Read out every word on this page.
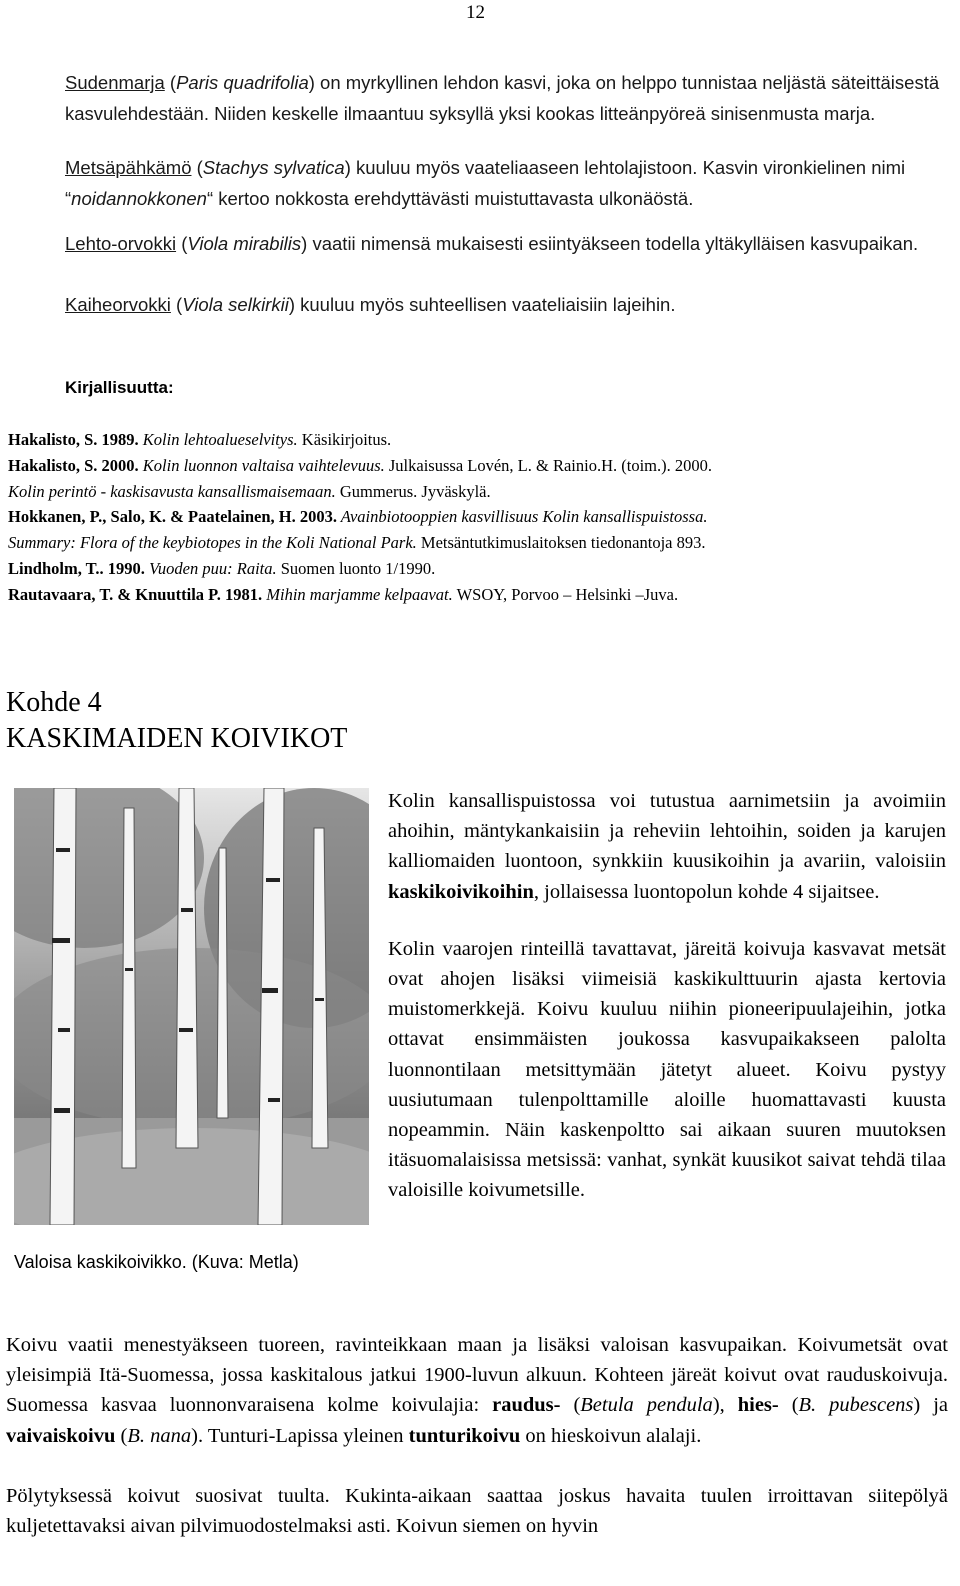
12

Sudenmarja (Paris quadrifolia) on myrkyllinen lehdon kasvi, joka on helppo tunnistaa neljästä säteittäisestä kasvulehdestään. Niiden keskelle ilmaantuu syksyllä yksi kookas litteänpyöreä sinisenmusta marja.

Metsäpähkämö (Stachys sylvatica) kuuluu myös vaateliaaseen lehtolajistoon. Kasvin vironkielinen nimi “noidannokkonen“ kertoo nokkosta erehdyttävästi muistuttavasta ulkonäöstä.

Lehto-orvokki (Viola mirabilis) vaatii nimensä mukaisesti esiintyäkseen todella yltäkylläisen kasvupaikan.

Kaiheorvokki (Viola selkirkii) kuuluu myös suhteellisen vaateliaisiin lajeihin.

Kirjallisuutta:

Hakalisto, S. 1989. Kolin lehtoalueselvitys. Käsikirjoitus.

Hakalisto, S. 2000. Kolin luonnon valtaisa vaihtelevuus. Julkaisussa Lovén, L. & Rainio.H. (toim.). 2000.

Kolin perintö - kaskisavusta kansallismaisemaan. Gummerus. Jyväskylä.

Hokkanen, P., Salo, K. & Paatelainen, H. 2003. Avainbiotooppien kasvillisuus Kolin kansallispuistossa.

Summary: Flora of the keybiotopes in the Koli National Park. Metsäntutkimuslaitoksen tiedonantoja 893.

Lindholm, T.. 1990. Vuoden puu: Raita. Suomen luonto 1/1990.

Rautavaara, T. & Knuuttila P. 1981. Mihin marjamme kelpaavat. WSOY, Porvoo – Helsinki –Juva.

Kohde 4
KASKIMAIDEN KOIVIKOT
Valoisa kaskikoivikko. (Kuva: Metla)

Kolin kansallispuistossa voi tutustua aarnimetsiin ja avoimiin ahoihin, mäntykankaisiin ja reheviin lehtoihin, soiden ja karujen kalliomaiden luontoon, synkkiin kuusikoihin ja avariin, valoisiin kaskikoivikoihin, jollaisessa luontopolun kohde 4 sijaitsee.

Kolin vaarojen rinteillä tavattavat, järeitä koivuja kasvavat metsät ovat ahojen lisäksi viimeisiä kaskikulttuurin ajasta kertovia muistomerkkejä. Koivu kuuluu niihin pioneeripuulajeihin, jotka ottavat ensimmäisten joukossa kasvupaikakseen palolta luonnontilaan metsittymään jätetyt alueet. Koivu pystyy uusiutumaan tulenpolttamille aloille huomattavasti kuusta nopeammin. Näin kaskenpoltto sai aikaan suuren muutoksen itäsuomalaisissa metsissä: vanhat, synkät kuusikot saivat tehdä tilaa valoisille koivumetsille.

Koivu vaatii menestyäkseen tuoreen, ravinteikkaan maan ja lisäksi valoisan kasvupaikan. Koivumetsät ovat yleisimpiä Itä-Suomessa, jossa kaskitalous jatkui 1900-luvun alkuun. Kohteen järeät koivut ovat rauduskoivuja. Suomessa kasvaa luonnonvaraisena kolme koivulajia: raudus- (Betula pendula), hies- (B. pubescens) ja vaivaiskoivu (B. nana). Tunturi-Lapissa yleinen tunturikoivu on hieskoivun alalaji.

Pölytyksessä koivut suosivat tuulta. Kukinta-aikaan saattaa joskus havaita tuulen irroittavan siitepölyä kuljetettavaksi aivan pilvimuodostelmaksi asti. Koivun siemen on hyvin
